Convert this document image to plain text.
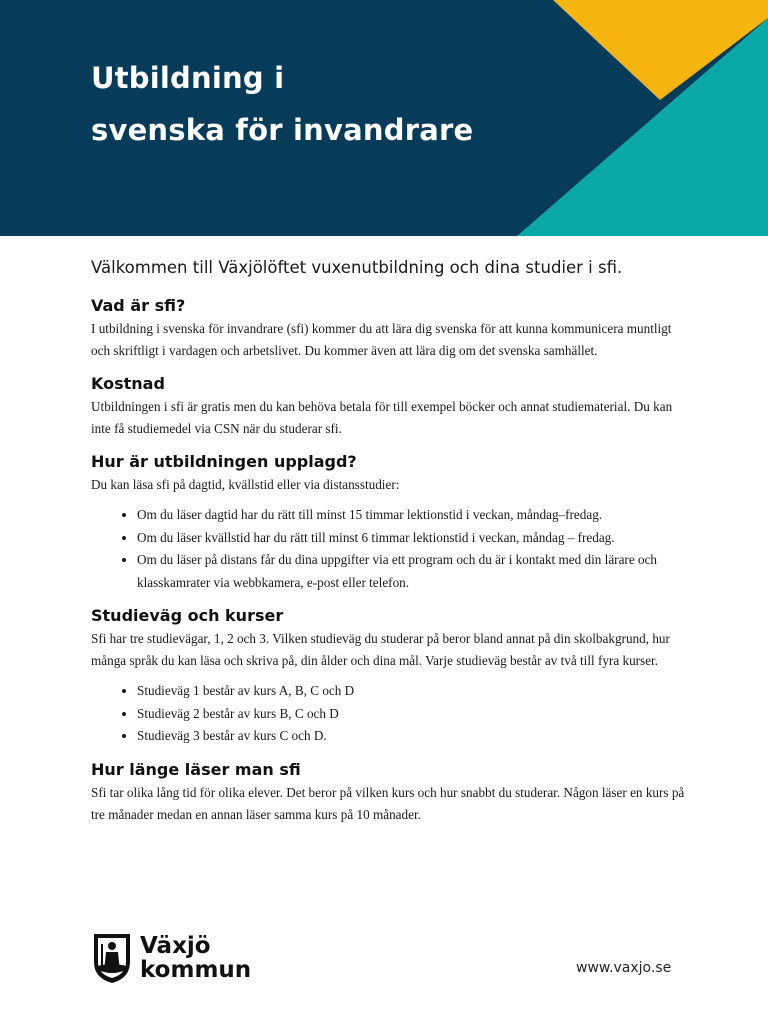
Utbildning i
svenska för invandrare

Välkommen till Växjölöftet vuxenutbildning och dina studier i sfi.

Vad är sfi?

I utbildning i svenska för invandrare (sfi) kommer du att lära dig svenska för att kunna kommunicera muntligt och skriftligt i vardagen och arbetslivet. Du kommer även att lära dig om det svenska samhället.

Kostnad

Utbildningen i sfi är gratis men du kan behöva betala för till exempel böcker och annat studiematerial. Du kan inte få studiemedel via CSN när du studerar sfi.

Hur är utbildningen upplagd?

Du kan läsa sfi på dagtid, kvällstid eller via distansstudier:

• Om du läser dagtid har du rätt till minst 15 timmar lektionstid i veckan, måndag–fredag.
• Om du läser kvällstid har du rätt till minst 6 timmar lektionstid i veckan, måndag – fredag.
• Om du läser på distans får du dina uppgifter via ett program och du är i kontakt med din lärare och klasskamrater via webbkamera, e-post eller telefon.
Studieväg och kurser

Sfi har tre studievägar, 1, 2 och 3. Vilken studieväg du studerar på beror bland annat på din skolbakgrund, hur många språk du kan läsa och skriva på, din ålder och dina mål. Varje studieväg består av två till fyra kurser.

• Studieväg 1 består av kurs A, B, C och D
• Studieväg 2 består av kurs B, C och D
• Studieväg 3 består av kurs C och D.
Hur länge läser man sfi

Sfi tar olika lång tid för olika elever. Det beror på vilken kurs och hur snabbt du studerar. Någon läser en kurs på tre månader medan en annan läser samma kurs på 10 månader.

Växjö
kommun	www.vaxjo.se
